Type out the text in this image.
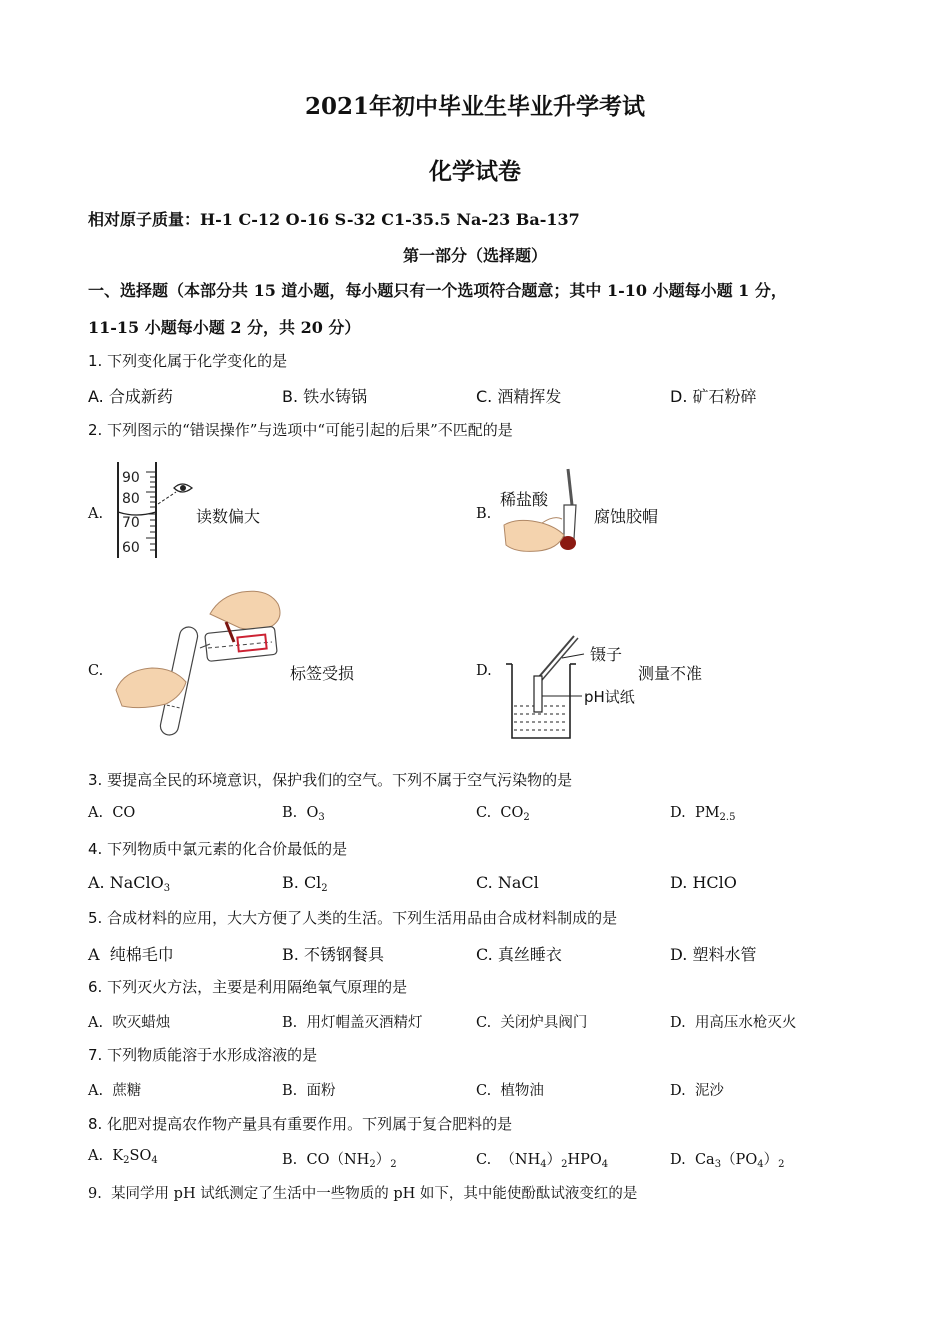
2021年初中毕业生毕业升学考试
化学试卷
相对原子质量：H-1 C-12 O-16 S-32 C1-35.5 Na-23 Ba-137
第一部分（选择题）
一、选择题（本部分共 15 道小题，每小题只有一个选项符合题意；其中 1-10 小题每小题 1 分，
11-15 小题每小题 2 分，共 20 分）
1. 下列变化属于化学变化的是
A. 合成新药	B. 铁水铸锅	C. 酒精挥发	D. 矿石粉碎
2. 下列图示的“错误操作”与选项中“可能引起的后果”不匹配的是
A.
90
80
70
60
读数偏大	B.
稀盐酸
腐蚀胶帽
C.	标签受损	D.
镊子
pH试纸
测量不准
3. 要提高全民的环境意识，保护我们的空气。下列不属于空气污染物的是
A. CO	B. $O_3$	C. $CO_2$	D. $PM_{2.5}$
4. 下列物质中氯元素的化合价最低的是
A. NaClO$_3$	B. $Cl_2$	C. NaCl	D. HClO
5. 合成材料的应用，大大方便了人类的生活。下列生活用品由合成材料制成的是
A 纯棉毛巾	B. 不锈钢餐具	C. 真丝睡衣	D. 塑料水管
6. 下列灭火方法，主要是利用隔绝氧气原理的是
A. 吹灭蜡烛	B. 用灯帽盖灭酒精灯	C. 关闭炉具阀门	D. 用高压水枪灭火
7. 下列物质能溶于水形成溶液的是
A. 蔗糖	B. 面粉	C. 植物油	D. 泥沙
8. 化肥对提高农作物产量具有重要作用。下列属于复合肥料的是
A. $K_2SO_4$	B. $CO(NH_2)_2$	C. $(NH_4)_2HPO_4$	D. $Ca_3(PO_4)_2$
9. 某同学用 pH 试纸测定了生活中一些物质的 pH 如下，其中能使酚酞试液变红的是
